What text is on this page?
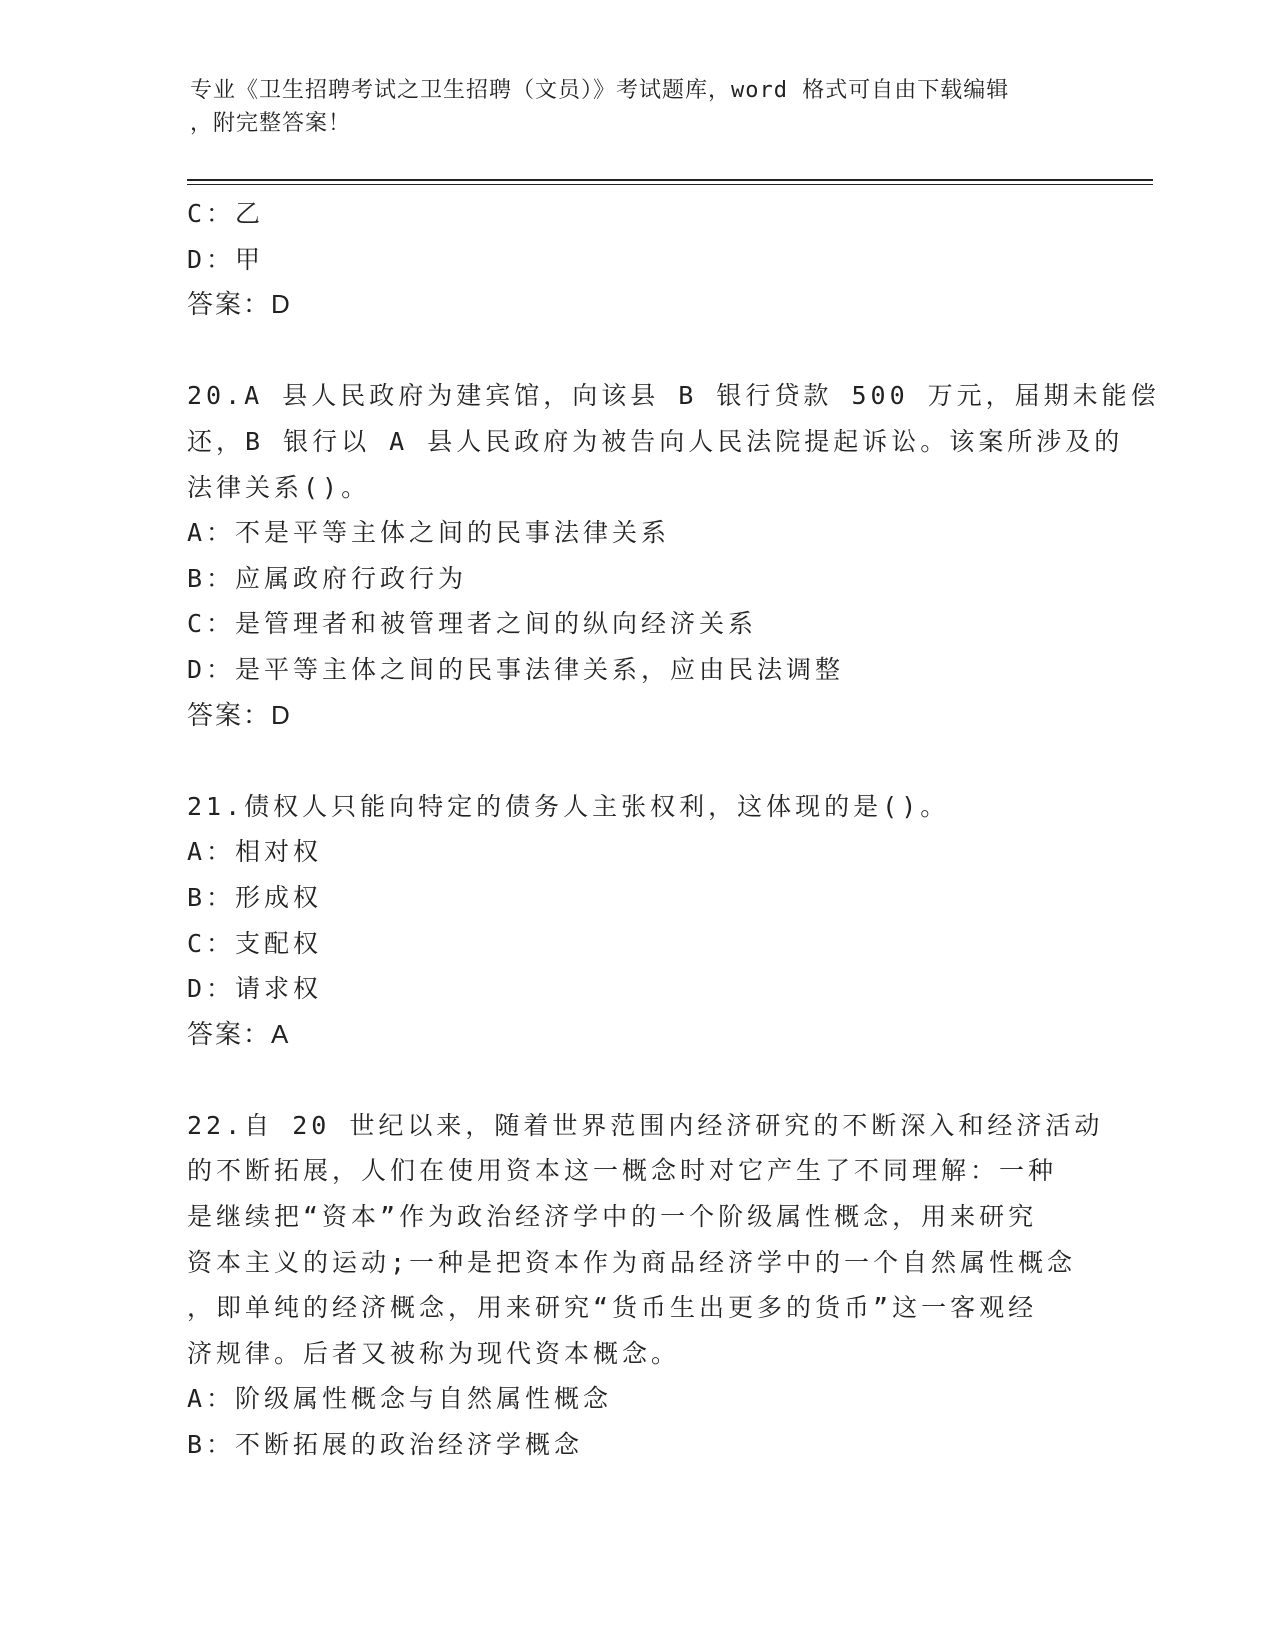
专业《卫生招聘考试之卫生招聘（文员）》考试题库，word 格式可自由下载编辑
，附完整答案！
C：乙
D：甲
答案：D
20.A 县人民政府为建宾馆，向该县 B 银行贷款 500 万元，届期未能偿
还，B 银行以 A 县人民政府为被告向人民法院提起诉讼。该案所涉及的
法律关系()。
A：不是平等主体之间的民事法律关系
B：应属政府行政行为
C：是管理者和被管理者之间的纵向经济关系
D：是平等主体之间的民事法律关系，应由民法调整
答案：D
21.债权人只能向特定的债务人主张权利，这体现的是()。
A：相对权
B：形成权
C：支配权
D：请求权
答案：A
22.自 20 世纪以来，随着世界范围内经济研究的不断深入和经济活动
的不断拓展，人们在使用资本这一概念时对它产生了不同理解：一种
是继续把“资本”作为政治经济学中的一个阶级属性概念，用来研究
资本主义的运动;一种是把资本作为商品经济学中的一个自然属性概念
，即单纯的经济概念，用来研究“货币生出更多的货币”这一客观经
济规律。后者又被称为现代资本概念。
A：阶级属性概念与自然属性概念
B：不断拓展的政治经济学概念
